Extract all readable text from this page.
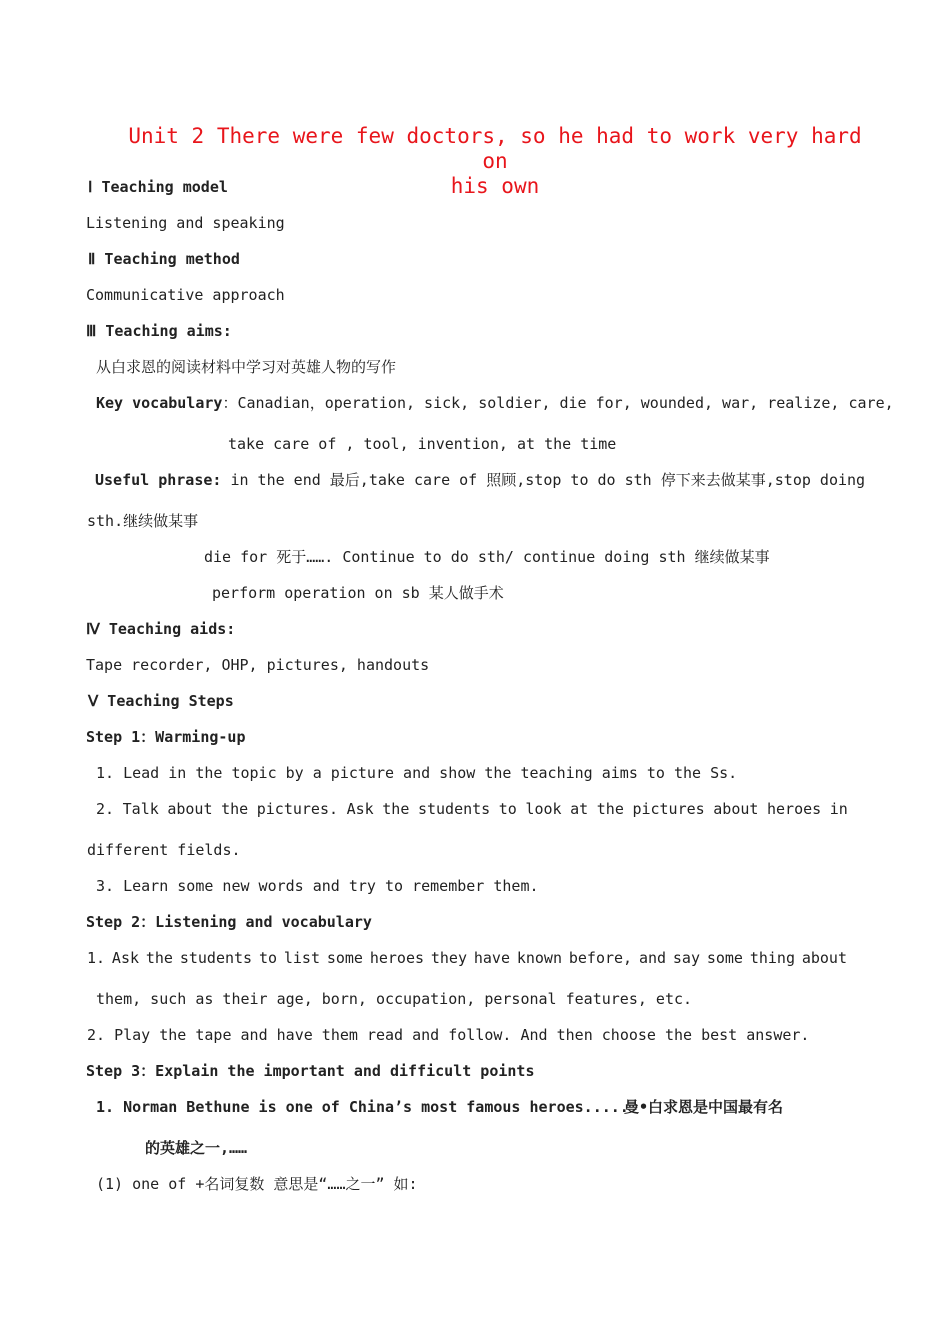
Unit 2 There were few doctors, so he had to work very hard on
his own
Ⅰ Teaching model
Listening and speaking
Ⅱ Teaching method
Communicative approach
Ⅲ Teaching aims:
从白求恩的阅读材料中学习对英雄人物的写作
Key vocabulary：Canadian，operation, sick, soldier, die for, wounded, war, realize, care,
take care of , tool, invention, at the time
Useful phrase: in the end 最后,take care of 照顾,stop to do sth 停下来去做某事,stop doing
sth.继续做某事
die for 死于……. Continue to do sth/ continue doing sth 继续做某事
perform operation on sb 某人做手术
Ⅳ Teaching aids:
Tape recorder, OHP, pictures, handouts
Ⅴ Teaching Steps
Step 1：Warming-up
1. Lead in the topic by a picture and show the teaching aims to the Ss.
2. Talk about the pictures. Ask the students to look at the pictures about heroes in
different fields.
3. Learn some new words and try to remember them.
Step 2：Listening and vocabulary
1. Ask the students to list some heroes they have known before, and say some thing about
them, such as their age, born, occupation, personal features, etc.
2. Play the tape and have them read and follow. And then choose the best answer.
Step 3：Explain the important and difficult points
1. Norman Bethune is one of China’s most famous heroes.....
曼•白求恩是中国最有名
的英雄之一,……
(1) one of +名词复数 意思是“……之一” 如:
